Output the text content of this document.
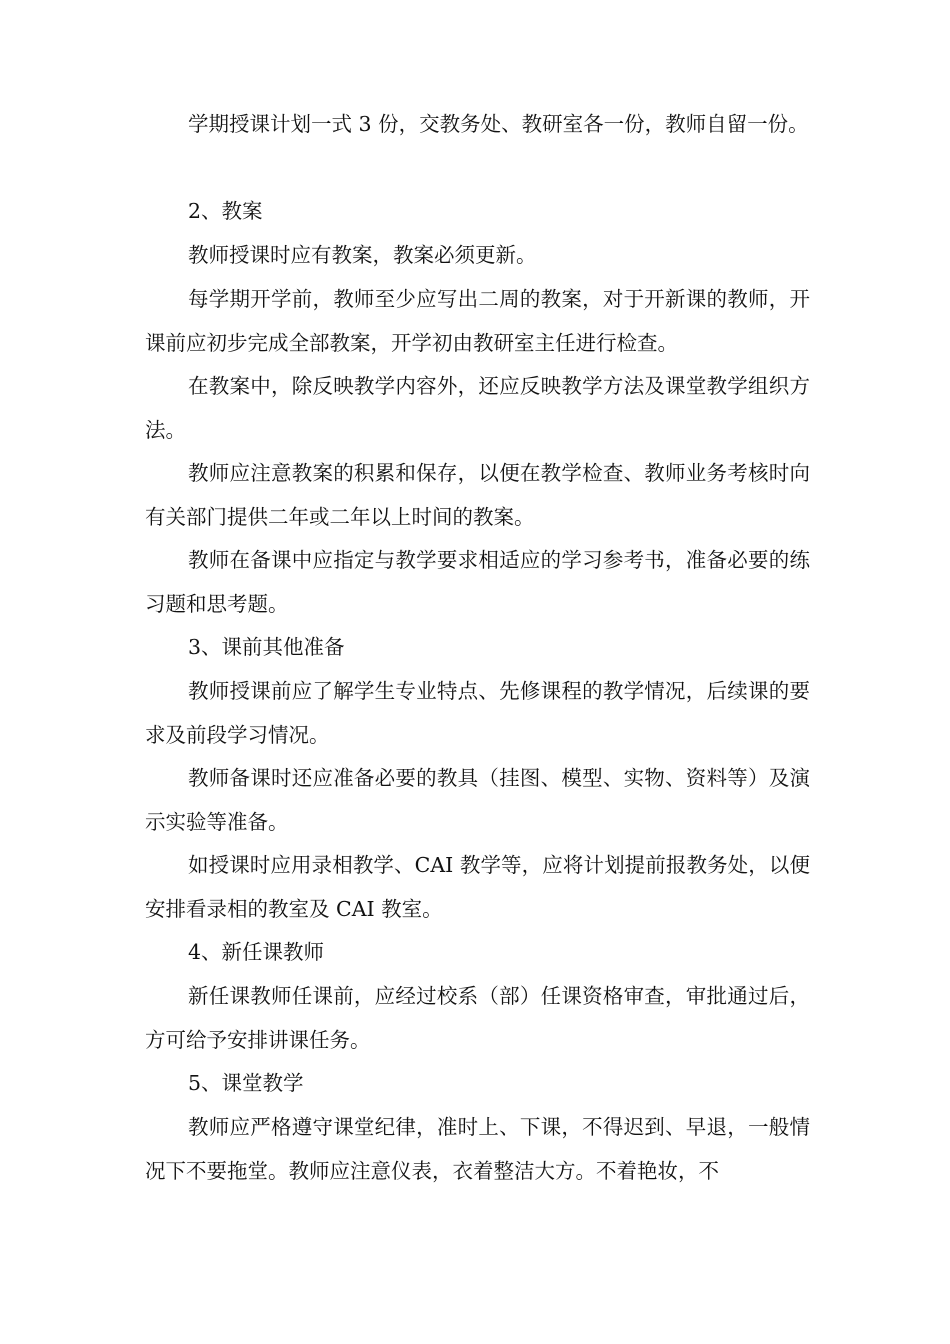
学期授课计划一式 3 份，交教务处、教研室各一份，教师自留一份。

2、教案

教师授课时应有教案，教案必须更新。

每学期开学前，教师至少应写出二周的教案，对于开新课的教师，开课前应初步完成全部教案，开学初由教研室主任进行检查。

在教案中，除反映教学内容外，还应反映教学方法及课堂教学组织方法。

教师应注意教案的积累和保存，以便在教学检查、教师业务考核时向有关部门提供二年或二年以上时间的教案。

教师在备课中应指定与教学要求相适应的学习参考书，准备必要的练习题和思考题。

3、课前其他准备

教师授课前应了解学生专业特点、先修课程的教学情况，后续课的要求及前段学习情况。

教师备课时还应准备必要的教具（挂图、模型、实物、资料等）及演示实验等准备。

如授课时应用录相教学、CAI 教学等，应将计划提前报教务处，以便安排看录相的教室及 CAI 教室。

4、新任课教师

新任课教师任课前，应经过校系（部）任课资格审查，审批通过后，方可给予安排讲课任务。

5、课堂教学

教师应严格遵守课堂纪律，准时上、下课，不得迟到、早退，一般情况下不要拖堂。教师应注意仪表，衣着整洁大方。不着艳妆，不
